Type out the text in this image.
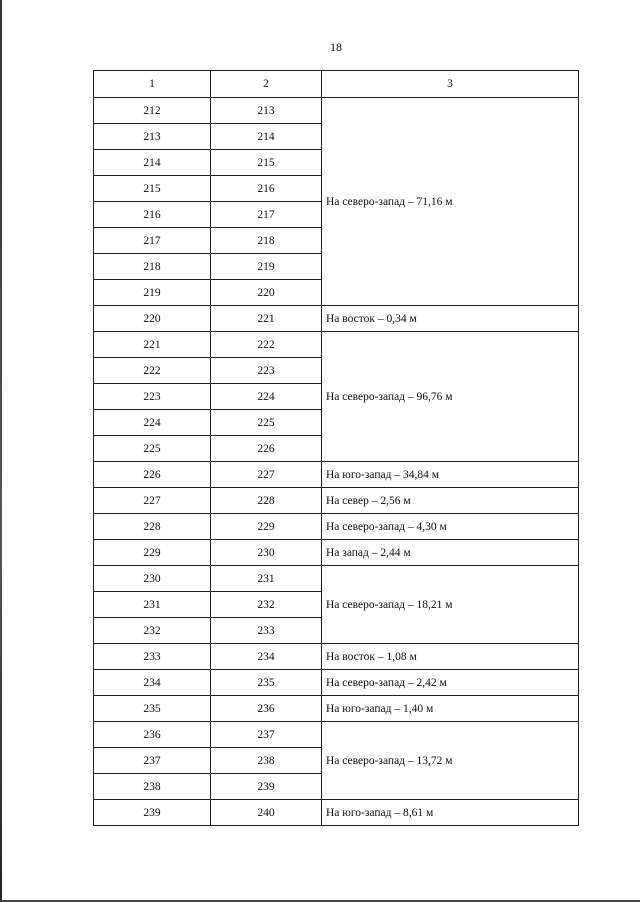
18
1	2	3
212	213	На северо-запад – 71,16 м
213	214	
214	215	
215	216	
216	217	
217	218	
218	219	
219	220	
220	221	На восток – 0,34 м
221	222	На северо-запад – 96,76 м
222	223	
223	224	
224	225	
225	226	
226	227	На юго-запад – 34,84 м
227	228	На север – 2,56 м
228	229	На северо-запад – 4,30 м
229	230	На запад – 2,44 м
230	231	На северо-запад – 18,21 м
231	232	
232	233	
233	234	На восток – 1,08 м
234	235	На северо-запад – 2,42 м
235	236	На юго-запад – 1,40 м
236	237	На северо-запад – 13,72 м
237	238	
238	239	
239	240	На юго-запад – 8,61 м
